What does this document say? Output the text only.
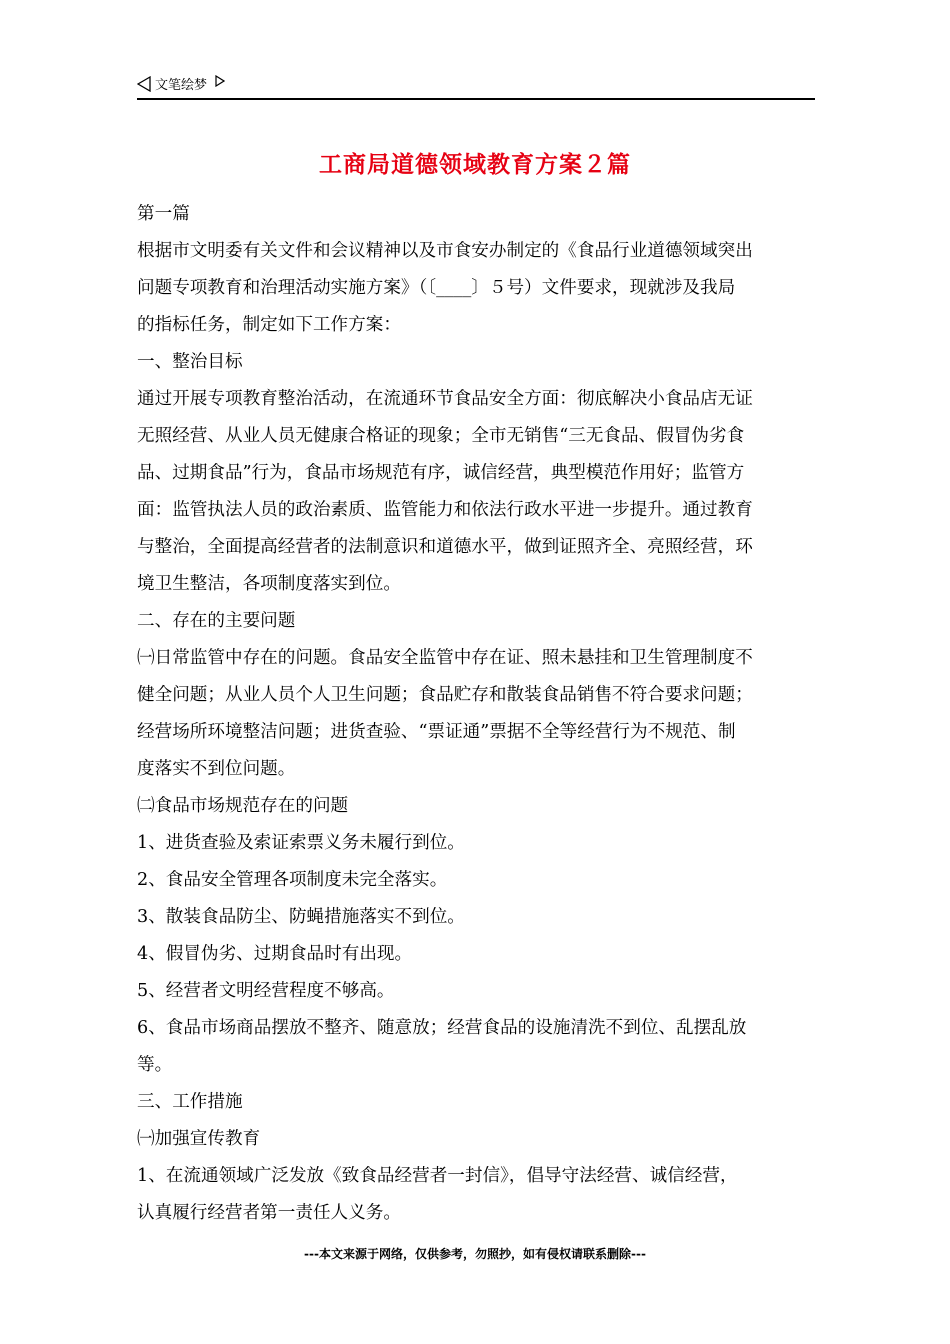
文笔绘梦
工商局道德领域教育方案２篇
第一篇
根据市文明委有关文件和会议精神以及市食安办制定的《食品行业道德领域突出
问题专项教育和治理活动实施方案》（〔____〕５号）文件要求，现就涉及我局
的指标任务，制定如下工作方案：
一、整治目标
通过开展专项教育整治活动，在流通环节食品安全方面：彻底解决小食品店无证
无照经营、从业人员无健康合格证的现象；全市无销售“三无食品、假冒伪劣食
品、过期食品”行为，食品市场规范有序，诚信经营，典型模范作用好；监管方
面：监管执法人员的政治素质、监管能力和依法行政水平进一步提升。通过教育
与整治，全面提高经营者的法制意识和道德水平，做到证照齐全、亮照经营，环
境卫生整洁，各项制度落实到位。
二、存在的主要问题
㈠日常监管中存在的问题。食品安全监管中存在证、照未悬挂和卫生管理制度不
健全问题；从业人员个人卫生问题；食品贮存和散装食品销售不符合要求问题；
经营场所环境整洁问题；进货查验、“票证通”票据不全等经营行为不规范、制
度落实不到位问题。
㈡食品市场规范存在的问题
1、进货查验及索证索票义务未履行到位。
2、食品安全管理各项制度未完全落实。
3、散装食品防尘、防蝇措施落实不到位。
4、假冒伪劣、过期食品时有出现。
5、经营者文明经营程度不够高。
6、食品市场商品摆放不整齐、随意放；经营食品的设施清洗不到位、乱摆乱放
等。
三、工作措施
㈠加强宣传教育
1、在流通领域广泛发放《致食品经营者一封信》，倡导守法经营、诚信经营，
认真履行经营者第一责任人义务。
---本文来源于网络，仅供参考，勿照抄，如有侵权请联系删除---
